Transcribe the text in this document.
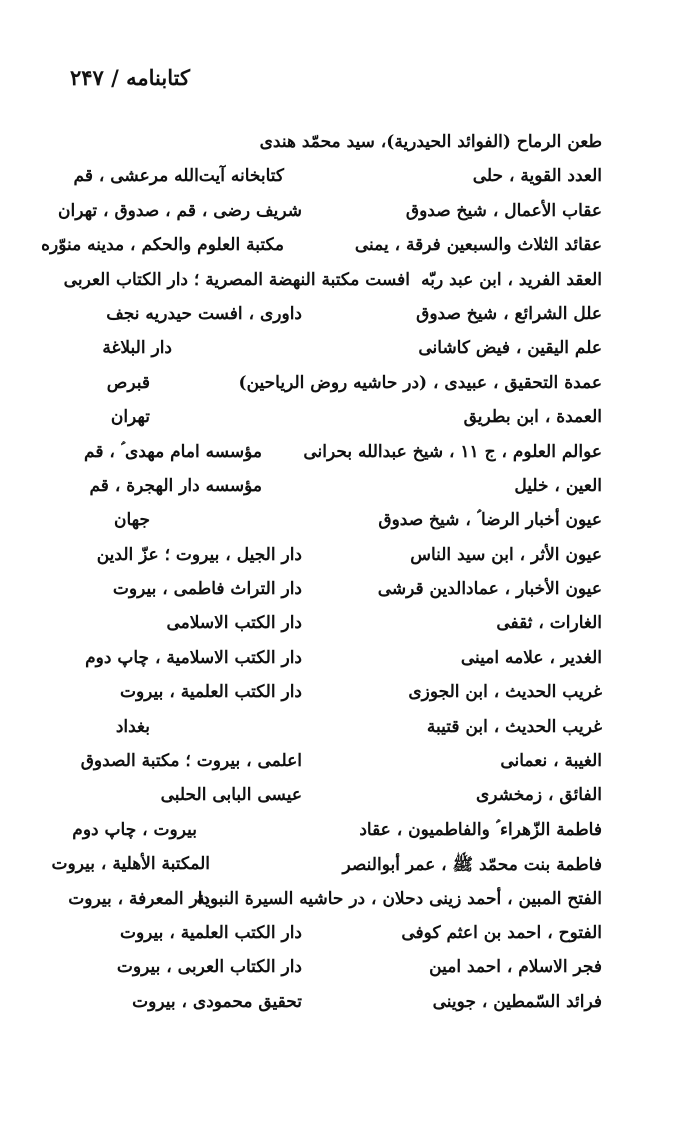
کتابنامه / ۲۴۷
طعن الرماح (الفوائد الحیدریة)، سید محمّد هندی
العدد القویة ، حلی
کتابخانه آیت‌الله مرعشی ، قم
عقاب الأعمال ، شیخ صدوق
شریف رضی ، قم ، صدوق ، تهران
عقائد الثلاث والسبعین فرقة ، یمنی
مکتبة العلوم والحکم ، مدینه منوّره
العقد الفرید ، ابن عبد ربّه
افست مکتبة النهضة المصریة ؛ دار الکتاب العربی
علل الشرائع ، شیخ صدوق
داوری ، افست حیدریه نجف
علم الیقین ، فیض کاشانی
دار البلاغة
عمدة التحقیق ، عبیدی ، (در حاشیه روض الریاحین)
قبرص
العمدة ، ابن بطریق
تهران
عوالم العلوم ، ج ۱۱ ، شیخ عبدالله بحرانی
مؤسسه امام مهدی ؑ ، قم
العین ، خلیل
مؤسسه دار الهجرة ، قم
عیون أخبار الرضا ؑ ، شیخ صدوق
جهان
عیون الأثر ، ابن سید الناس
دار الجیل ، بیروت ؛ عزّ الدین
عیون الأخبار ، عمادالدین قرشی
دار التراث فاطمی ، بیروت
الغارات ، ثقفی
دار الکتب الاسلامی
الغدیر ، علامه امینی
دار الکتب الاسلامیة ، چاپ دوم
غریب الحدیث ، ابن الجوزی
دار الکتب العلمیة ، بیروت
غریب الحدیث ، ابن قتیبة
بغداد
الغیبة ، نعمانی
اعلمی ، بیروت ؛ مکتبة الصدوق
الفائق ، زمخشری
عیسی البابی الحلبی
فاطمة الزّهراء ؑ والفاطمیون ، عقاد
بیروت ، چاپ دوم
فاطمة بنت محمّد ﷺ ، عمر أبوالنصر
المکتبة الأهلیة ، بیروت
الفتح المبین ، أحمد زینی دحلان ، در حاشیه السیرة النبویة
دار المعرفة ، بیروت
الفتوح ، احمد بن اعثم کوفی
دار الکتب العلمیة ، بیروت
فجر الاسلام ، احمد امین
دار الکتاب العربی ، بیروت
فرائد السّمطین ، جوینی
تحقیق محمودی ، بیروت
